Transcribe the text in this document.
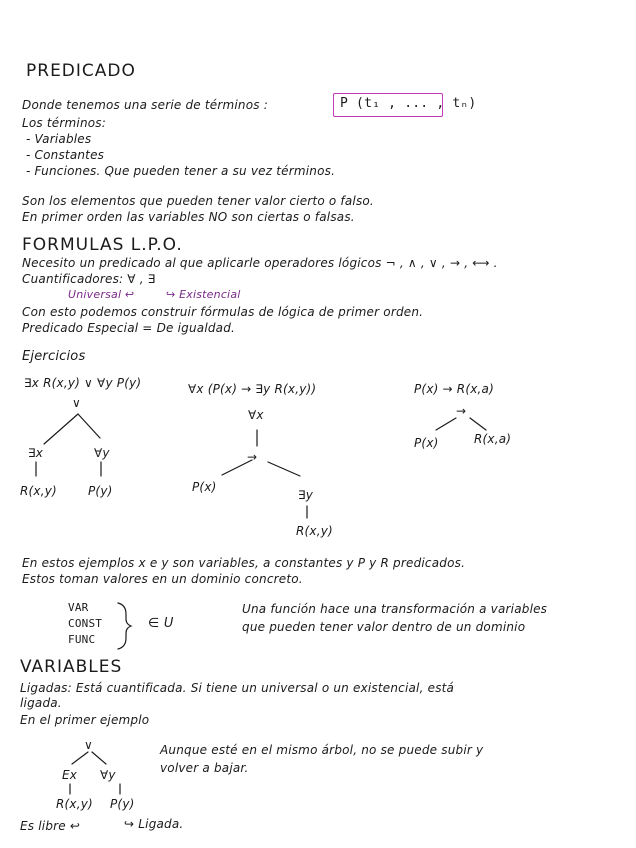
PREDICADO
Donde tenemos una serie de términos :	P (t₁ , ... , tₙ)
Los términos:
- Variables
- Constantes
- Funciones. Que pueden tener a su vez términos.
Son los elementos que pueden tener valor cierto o falso.
En primer orden las variables NO son ciertas o falsas.
FORMULAS L.P.O.
Necesito un predicado al que aplicarle operadores lógicos ¬ , ∧ , ∨ , → , ⟷ .
Cuantificadores: ∀ , ∃
Universal ↩	↪ Existencial
Con esto podemos construir fórmulas de lógica de primer orden.
Predicado Especial = De igualdad.
Ejercicios
∃x R(x,y) ∨ ∀y P(y)
∨
∃x	∀y
R(x,y)	P(y)
∀x (P(x) → ∃y R(x,y))
∀x
→
P(x)
∃y
R(x,y)
P(x) → R(x,a)
→
P(x)	R(x,a)
En estos ejemplos x e y son variables, a constantes y P y R predicados.
Estos toman valores en un dominio concreto.
VAR
CONST
FUNC
∈ U
Una función hace una transformación a variables
que pueden tener valor dentro de un dominio
VARIABLES
Ligadas: Está cuantificada. Si tiene un universal o un existencial, está
ligada.
En el primer ejemplo
∨
Ex ∀y
R(x,y) P(y)
Aunque esté en el mismo árbol, no se puede subir y
volver a bajar.
Es libre ↩	↪ Ligada.
